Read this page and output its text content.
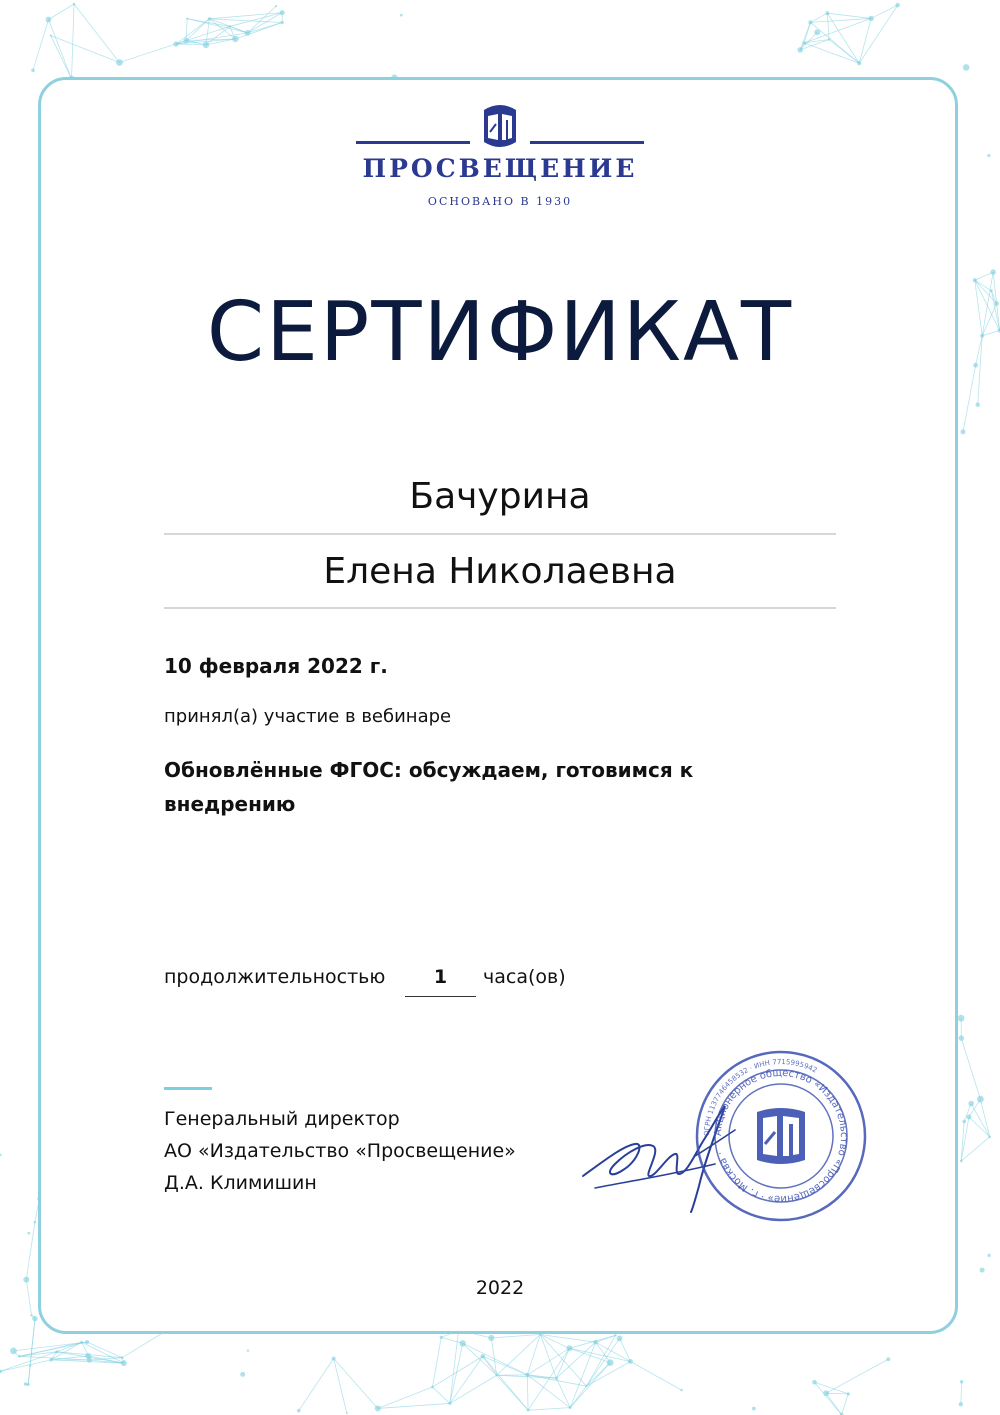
ПРОСВЕЩЕНИЕ
ОСНОВАНО В 1930
СЕРТИФИКАТ
Бачурина
Елена Николаевна
10 февраля 2022 г.
принял(а) участие в вебинаре
Обновлённые ФГОС: обсуждаем, готовимся к внедрению
продолжительностью	1	часа(ов)
Генеральный директор
АО «Издательство «Просвещение»
Д.А. Климишин
Акционерное общество «Издательство «Просвещение» · г. Москва ·
ОГРН 1137746458532 · ИНН 7715995942
2022
